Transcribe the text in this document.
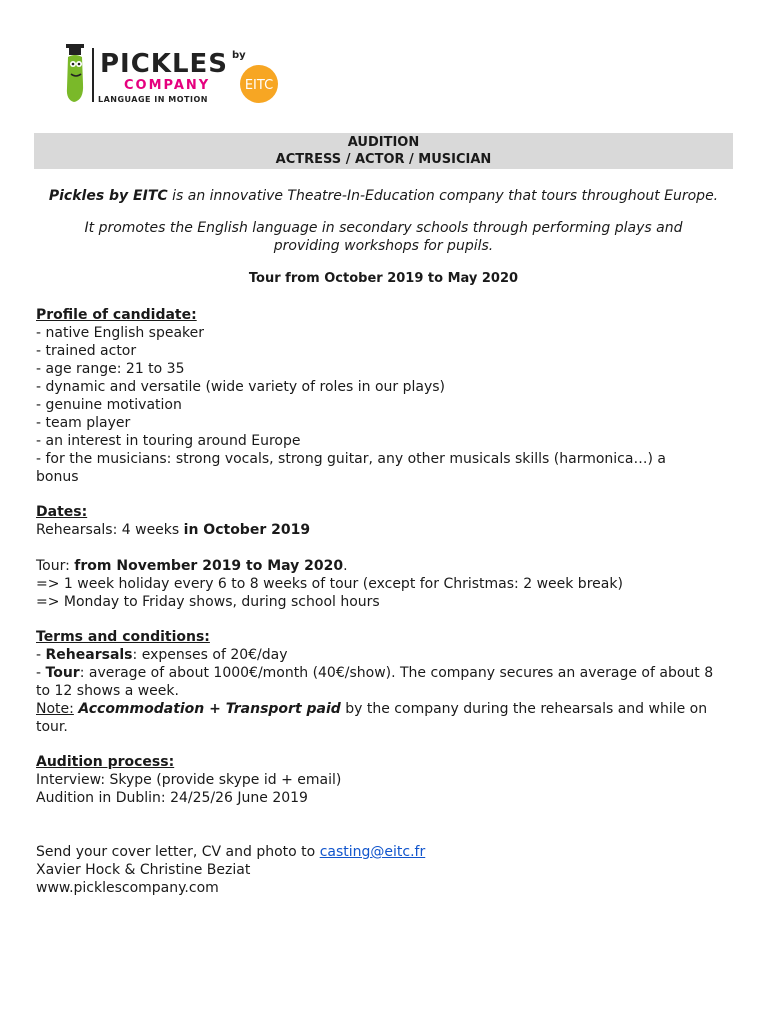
PICKLES
COMPANY
LANGUAGE IN MOTION
by
EITC
AUDITION
ACTRESS / ACTOR / MUSICIAN
Pickles by EITC is an innovative Theatre-In-Education company that tours throughout Europe.
It promotes the English language in secondary schools through performing plays and providing workshops for pupils.
Tour from October 2019 to May 2020
Profile of candidate:
- native English speaker
- trained actor
- age range: 21 to 35
- dynamic and versatile (wide variety of roles in our plays)
- genuine motivation
- team player
- an interest in touring around Europe
- for the musicians: strong vocals, strong guitar, any other musicals skills (harmonica…) a bonus
Dates:
Rehearsals: 4 weeks in October 2019
Tour: from November 2019 to May 2020.
=> 1 week holiday every 6 to 8 weeks of tour (except for Christmas: 2 week break)
=> Monday to Friday shows, during school hours
Terms and conditions:
- Rehearsals: expenses of 20€/day
- Tour: average of about 1000€/month (40€/show). The company secures an average of about 8 to 12 shows a week.
Note: Accommodation + Transport paid by the company during the rehearsals and while on tour.
Audition process:
Interview: Skype (provide skype id + email)
Audition in Dublin: 24/25/26 June 2019
Send your cover letter, CV and photo to casting@eitc.fr
Xavier Hock & Christine Beziat
www.picklescompany.com
